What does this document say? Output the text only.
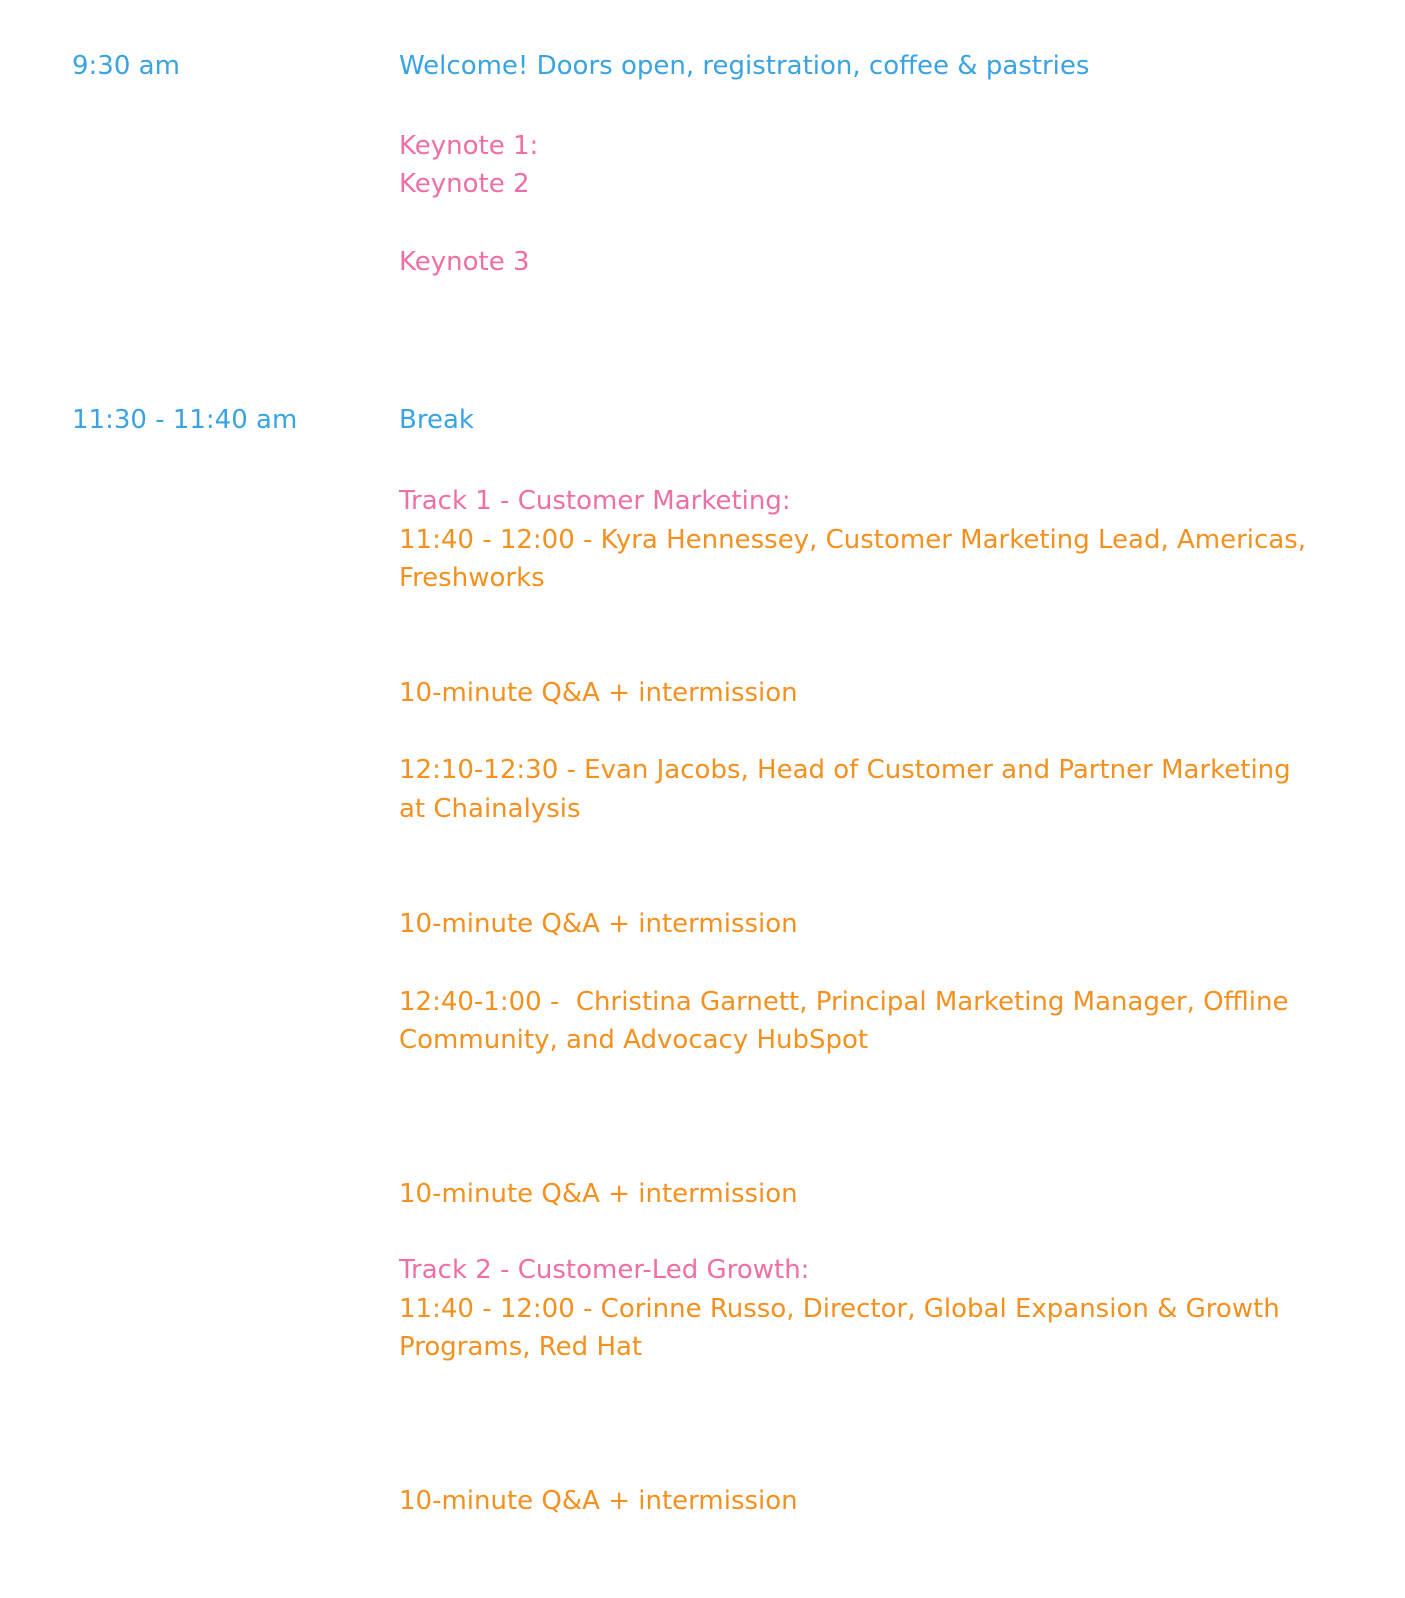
9:30 am	Welcome! Doors open, registration, coffee & pastries

Keynote 1:

Keynote 2

Keynote 3

11:30 - 11:40 am	Break

Track 1 - Customer Marketing:

11:40 - 12:00 - Kyra Hennessey, Customer Marketing Lead, Americas,

Freshworks

10-minute Q&A + intermission

12:10-12:30 - Evan Jacobs, Head of Customer and Partner Marketing

at Chainalysis

10-minute Q&A + intermission

12:40-1:00 -  Christina Garnett, Principal Marketing Manager, Offline

Community, and Advocacy HubSpot

10-minute Q&A + intermission

Track 2 - Customer-Led Growth:

11:40 - 12:00 - Corinne Russo, Director, Global Expansion & Growth

Programs, Red Hat

10-minute Q&A + intermission
